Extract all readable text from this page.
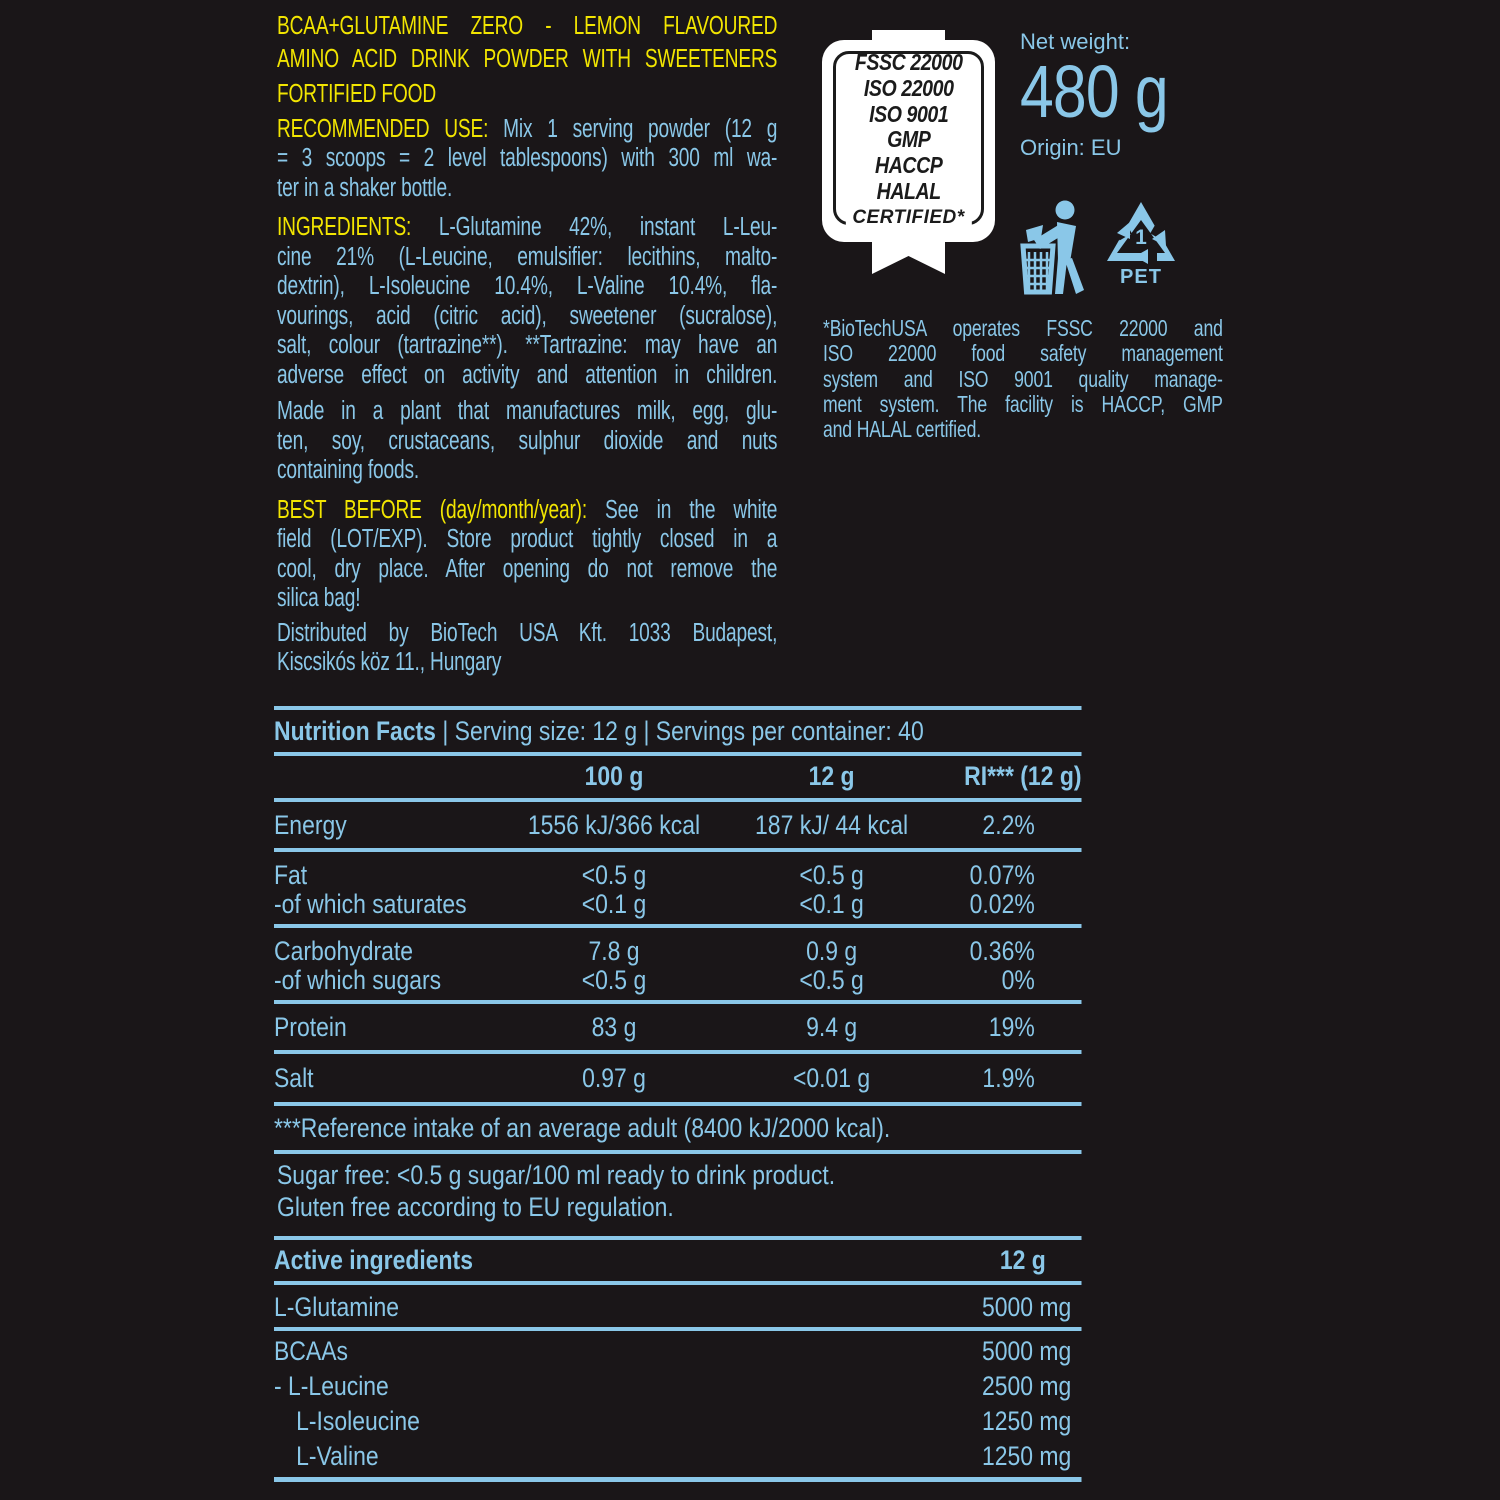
BCAA+GLUTAMINE ZERO - LEMON FLAVOURED
AMINO ACID DRINK POWDER WITH SWEETENERS
FORTIFIED FOOD
RECOMMENDED USE: Mix 1 serving powder (12 g
= 3 scoops = 2 level tablespoons) with 300 ml wa-
ter in a shaker bottle.
INGREDIENTS: L-Glutamine 42%, instant L-Leu-
cine 21% (L-Leucine, emulsifier: lecithins, malto-
dextrin), L-Isoleucine 10.4%, L-Valine 10.4%, fla-
vourings, acid (citric acid), sweetener (sucralose),
salt, colour (tartrazine**). **Tartrazine: may have an
adverse effect on activity and attention in children.
Made in a plant that manufactures milk, egg, glu-
ten, soy, crustaceans, sulphur dioxide and nuts
containing foods.
BEST BEFORE (day/month/year): See in the white
field (LOT/EXP). Store product tightly closed in a
cool, dry place. After opening do not remove the
silica bag!
Distributed by BioTech USA Kft. 1033 Budapest,
Kiscsikós köz 11., Hungary
FSSC 22000
ISO 22000
ISO 9001
GMP
HACCP
HALAL
CERTIFIED*
Net weight:
480 g
Origin: EU
1
PET
*BioTechUSA operates FSSC 22000 and
ISO 22000 food safety management
system and ISO 9001 quality manage-
ment system. The facility is HACCP, GMP
and HALAL certified.
Nutrition Facts | Serving size: 12 g | Servings per container: 40
100 g	12 g	RI*** (12 g)
Energy	1556 kJ/366 kcal	187 kJ/ 44 kcal	2.2%
Fat	<0.5 g	<0.5 g	0.07%
-of which saturates	<0.1 g	<0.1 g	0.02%
Carbohydrate	7.8 g	0.9 g	0.36%
-of which sugars	<0.5 g	<0.5 g	0%
Protein	83 g	9.4 g	19%
Salt	0.97 g	<0.01 g	1.9%
***Reference intake of an average adult (8400 kJ/2000 kcal).
Sugar free: <0.5 g sugar/100 ml ready to drink product.
Gluten free according to EU regulation.
Active ingredients	12 g
L-Glutamine	5000 mg
BCAAs	5000 mg
- L-Leucine	2500 mg
L-Isoleucine	1250 mg
L-Valine	1250 mg
